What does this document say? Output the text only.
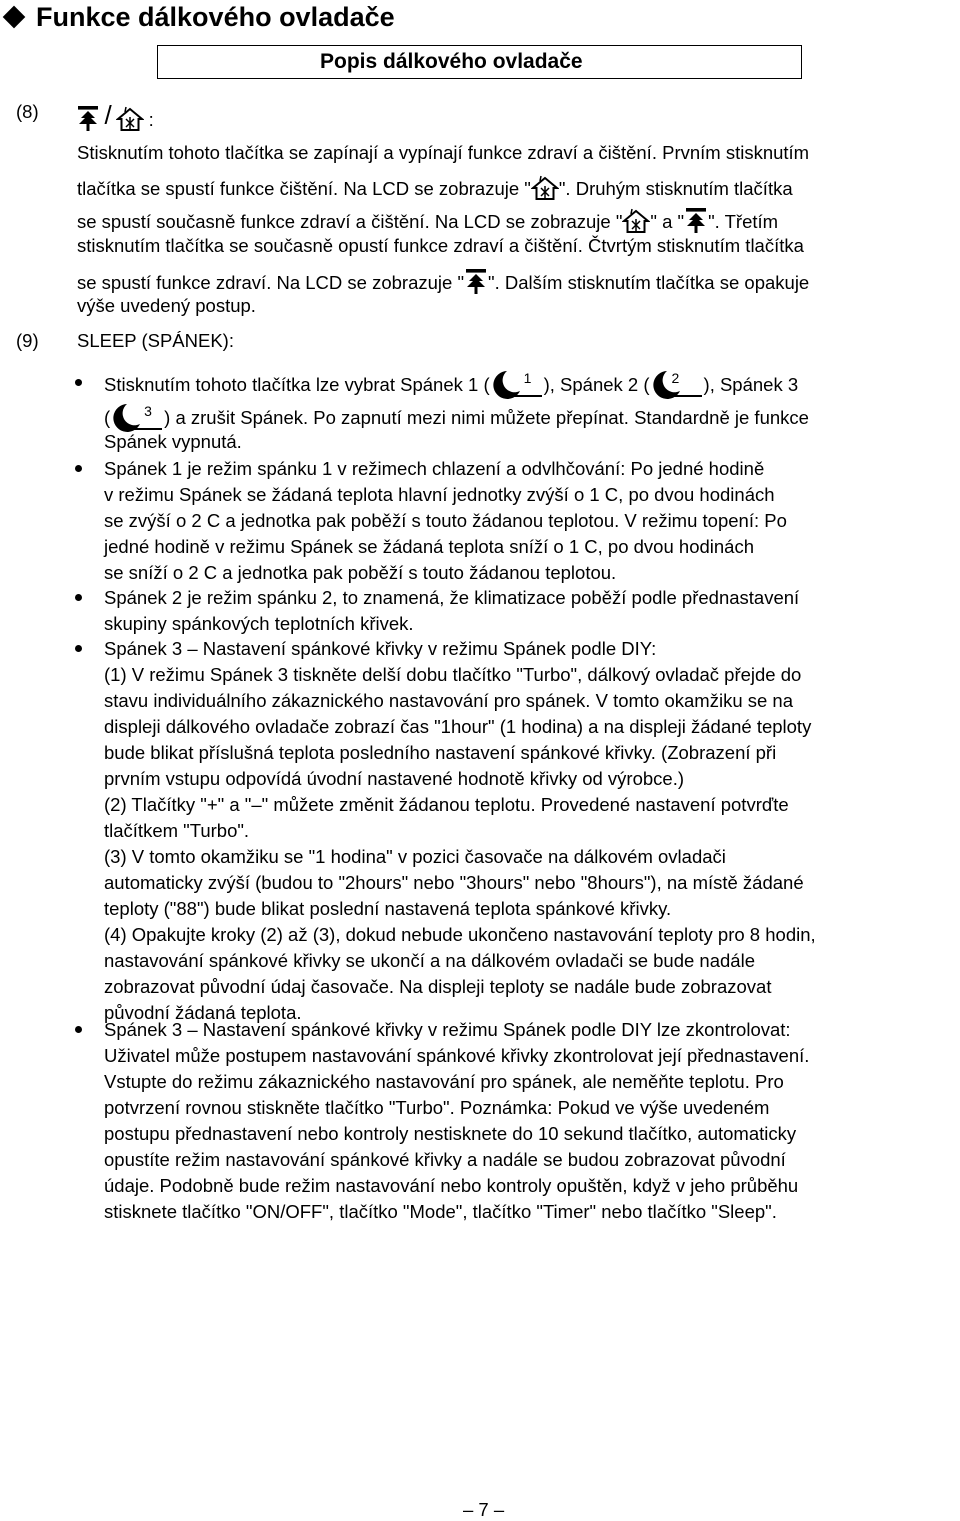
Funkce dálkového ovladače
Popis dálkového ovladače
(8)	/ :
Stisknutím tohoto tlačítka se zapínají a vypínají funkce zdraví a čištění. Prvním stisknutím
tlačítka se spustí funkce čištění. Na LCD se zobrazuje " ". Druhým stisknutím tlačítka
se spustí současně funkce zdraví a čištění. Na LCD se zobrazuje " " a " ". Třetím
stisknutím tlačítka se současně opustí funkce zdraví a čištění. Čtvrtým stisknutím tlačítka
se spustí funkce zdraví. Na LCD se zobrazuje " ". Dalším stisknutím tlačítka se opakuje
výše uvedený postup.
(9) SLEEP (SPÁNEK):
Stisknutím tohoto tlačítka lze vybrat Spánek 1 ( 1 ), Spánek 2 ( 2 ), Spánek 3
( 3 ) a zrušit Spánek. Po zapnutí mezi nimi můžete přepínat. Standardně je funkce
Spánek vypnutá.
Spánek 1 je režim spánku 1 v režimech chlazení a odvlhčování: Po jedné hodině
v režimu Spánek se žádaná teplota hlavní jednotky zvýší o 1 C, po dvou hodinách
se zvýší o 2 C a jednotka pak poběží s touto žádanou teplotou. V režimu topení: Po
jedné hodině v režimu Spánek se žádaná teplota sníží o 1 C, po dvou hodinách
se sníží o 2 C a jednotka pak poběží s touto žádanou teplotou.
Spánek 2 je režim spánku 2, to znamená, že klimatizace poběží podle přednastavení
skupiny spánkových teplotních křivek.
Spánek 3 – Nastavení spánkové křivky v režimu Spánek podle DIY:
(1) V režimu Spánek 3 tiskněte delší dobu tlačítko "Turbo", dálkový ovladač přejde do
stavu individuálního zákaznického nastavování pro spánek. V tomto okamžiku se na
displeji dálkového ovladače zobrazí čas "1hour" (1 hodina) a na displeji žádané teploty
bude blikat příslušná teplota posledního nastavení spánkové křivky. (Zobrazení při
prvním vstupu odpovídá úvodní nastavené hodnotě křivky od výrobce.)
(2) Tlačítky "+" a "–" můžete změnit žádanou teplotu. Provedené nastavení potvrďte
tlačítkem "Turbo".
(3) V tomto okamžiku se "1 hodina" v pozici časovače na dálkovém ovladači
automaticky zvýší (budou to "2hours" nebo "3hours" nebo "8hours"), na místě žádané
teploty ("88") bude blikat poslední nastavená teplota spánkové křivky.
(4) Opakujte kroky (2) až (3), dokud nebude ukončeno nastavování teploty pro 8 hodin,
nastavování spánkové křivky se ukončí a na dálkovém ovladači se bude nadále
zobrazovat původní údaj časovače. Na displeji teploty se nadále bude zobrazovat
původní žádaná teplota.
Spánek 3 – Nastavení spánkové křivky v režimu Spánek podle DIY lze zkontrolovat:
Uživatel může postupem nastavování spánkové křivky zkontrolovat její přednastavení.
Vstupte do režimu zákaznického nastavování pro spánek, ale neměňte teplotu. Pro
potvrzení rovnou stiskněte tlačítko "Turbo". Poznámka: Pokud ve výše uvedeném
postupu přednastavení nebo kontroly nestisknete do 10 sekund tlačítko, automaticky
opustíte režim nastavování spánkové křivky a nadále se budou zobrazovat původní
údaje. Podobně bude režim nastavování nebo kontroly opuštěn, když v jeho průběhu
stisknete tlačítko "ON/OFF", tlačítko "Mode", tlačítko "Timer" nebo tlačítko "Sleep".
– 7 –
